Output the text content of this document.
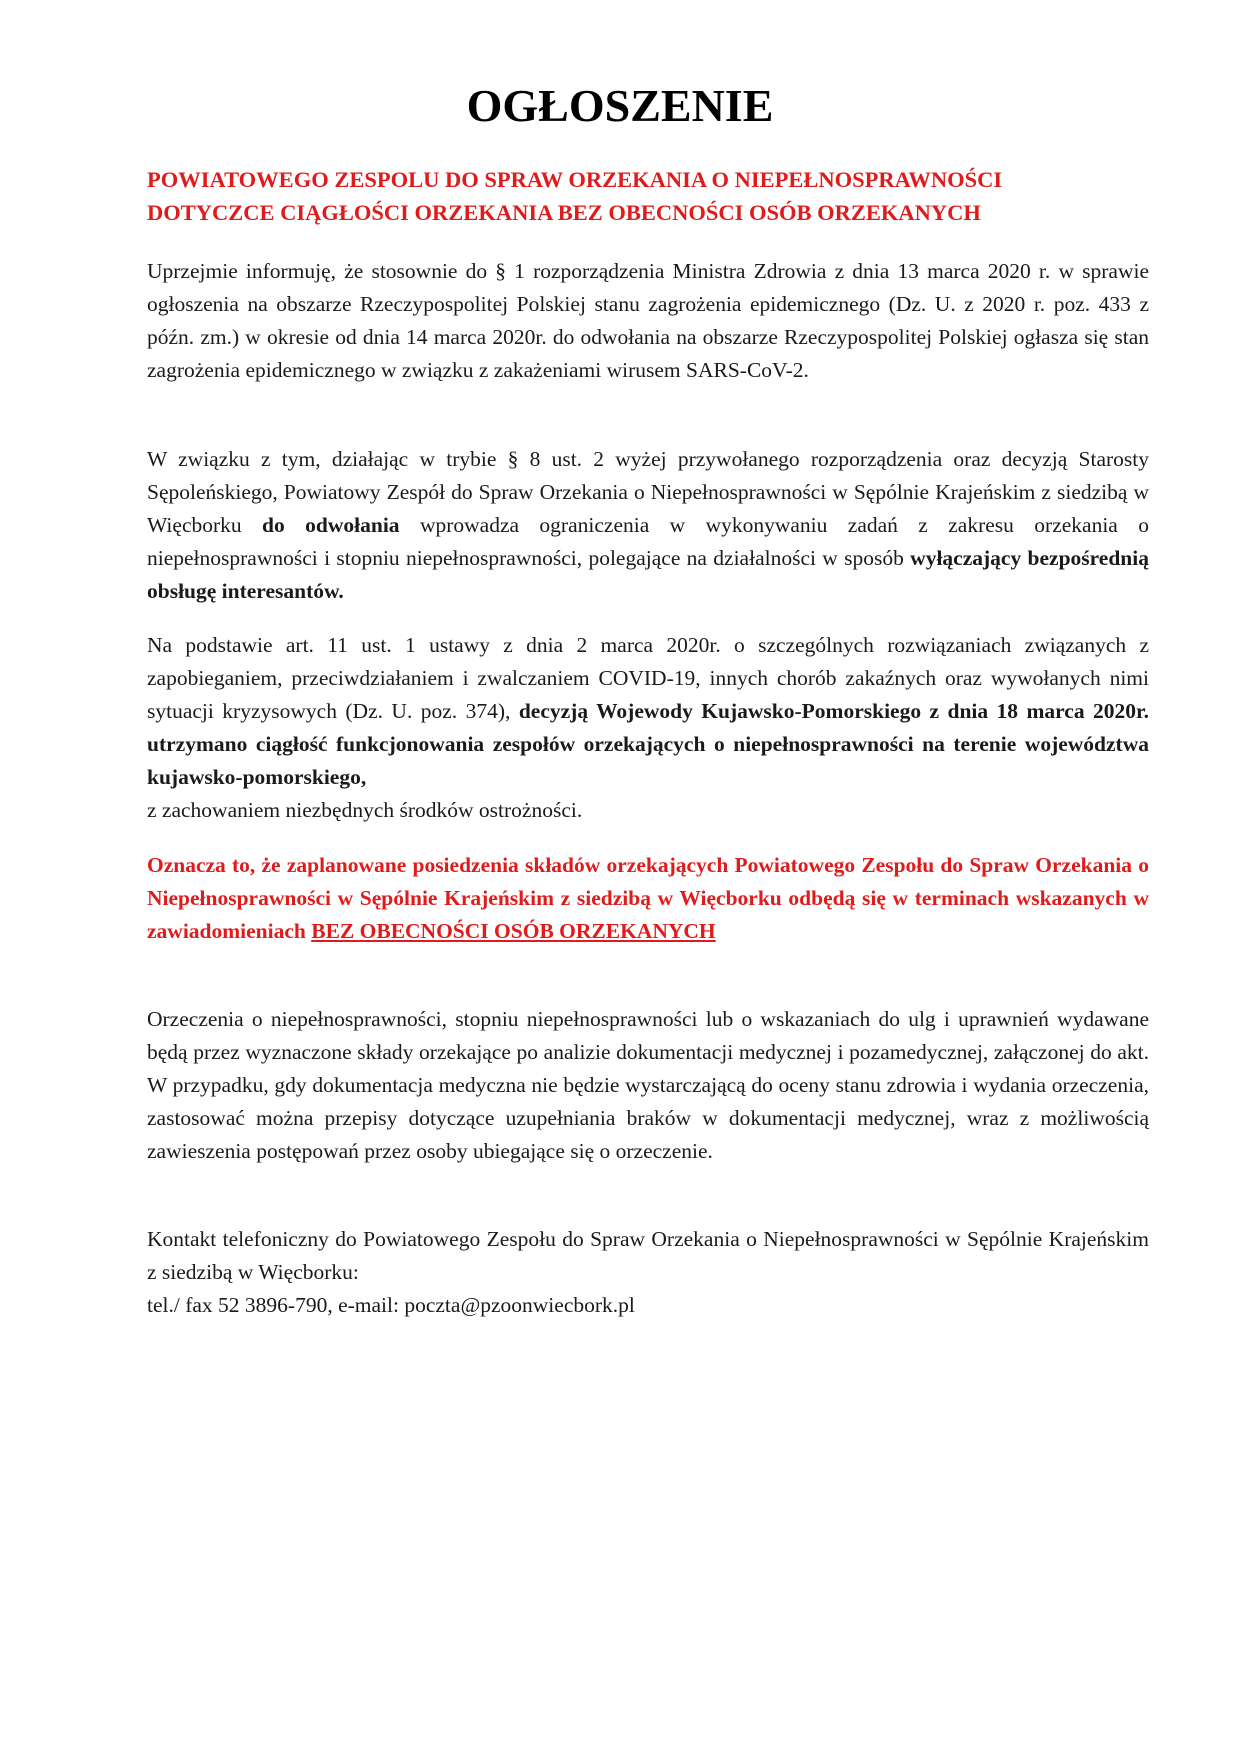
OGŁOSZENIE
POWIATOWEGO ZESPOLU DO SPRAW ORZEKANIA O NIEPEŁNOSPRAWNOŚCI
DOTYCZCE CIĄGŁOŚCI ORZEKANIA BEZ OBECNOŚCI OSÓB ORZEKANYCH

Uprzejmie informuję, że stosownie do § 1 rozporządzenia Ministra Zdrowia z dnia 13 marca 2020 r. w sprawie ogłoszenia na obszarze Rzeczypospolitej Polskiej stanu zagrożenia epidemicznego (Dz. U. z 2020 r. poz. 433 z późn. zm.) w okresie od dnia 14 marca 2020r. do odwołania na obszarze Rzeczypospolitej Polskiej ogłasza się stan zagrożenia epidemicznego w związku z zakażeniami wirusem SARS-CoV-2.

W związku z tym, działając w trybie § 8 ust. 2 wyżej przywołanego rozporządzenia oraz decyzją Starosty Sępoleńskiego, Powiatowy Zespół do Spraw Orzekania o Niepełnosprawności w Sępólnie Krajeńskim z siedzibą w Więcborku do odwołania wprowadza ograniczenia w wykonywaniu zadań z zakresu orzekania o niepełnosprawności i stopniu niepełnosprawności, polegające na działalności w sposób wyłączający bezpośrednią obsługę interesantów.

Na podstawie art. 11 ust. 1 ustawy z dnia 2 marca 2020r. o szczególnych rozwiązaniach związanych z zapobieganiem, przeciwdziałaniem i zwalczaniem COVID-19, innych chorób zakaźnych oraz wywołanych nimi sytuacji kryzysowych (Dz. U. poz. 374), decyzją Wojewody Kujawsko-Pomorskiego z dnia 18 marca 2020r. utrzymano ciągłość funkcjonowania zespołów orzekających o niepełnosprawności na terenie województwa kujawsko-pomorskiego,
z zachowaniem niezbędnych środków ostrożności.

Oznacza to, że zaplanowane posiedzenia składów orzekających Powiatowego Zespołu do Spraw Orzekania o Niepełnosprawności w Sępólnie Krajeńskim z siedzibą w Więcborku odbędą się w terminach wskazanych w zawiadomieniach BEZ OBECNOŚCI OSÓB ORZEKANYCH

Orzeczenia o niepełnosprawności, stopniu niepełnosprawności lub o wskazaniach do ulg i uprawnień wydawane będą przez wyznaczone składy orzekające po analizie dokumentacji medycznej i pozamedycznej, załączonej do akt. W przypadku, gdy dokumentacja medyczna nie będzie wystarczającą do oceny stanu zdrowia i wydania orzeczenia, zastosować można przepisy dotyczące uzupełniania braków w dokumentacji medycznej, wraz z możliwością zawieszenia postępowań przez osoby ubiegające się o orzeczenie.

Kontakt telefoniczny do Powiatowego Zespołu do Spraw Orzekania o Niepełnosprawności w Sępólnie Krajeńskim z siedzibą w Więcborku:
tel./ fax 52 3896-790, e-mail: poczta@pzoonwiecbork.pl
